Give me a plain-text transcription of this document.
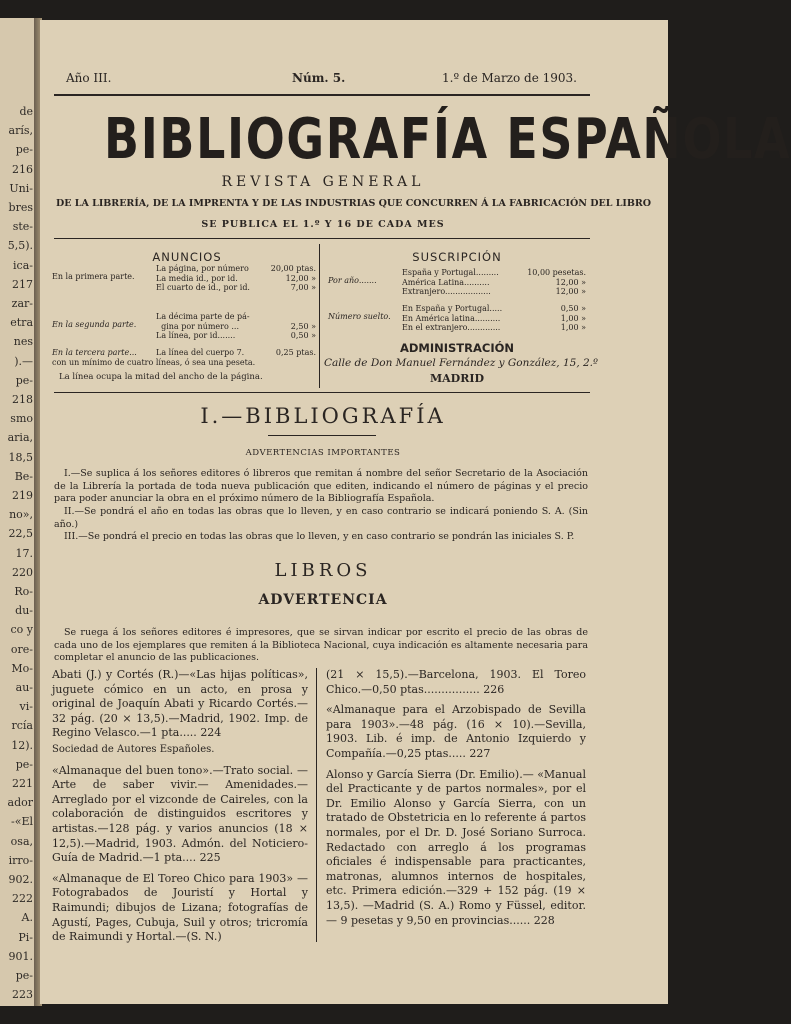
de
arís,
pe-
216
Uni-
bres
ste-
5,5).
ica-
217
zar-
etra
nes
).—
pe-
218
smo
aria,
18,5
Be-
219
no»,
22,5
17.
220
Ro-
du-
co y
ore-
Mo-
au-
vi-
rcía
12).
pe-
221
ador
-«El
osa,
irro-
902.
222
A.
Pi-
901.
pe-
223
Año III.	Núm. 5.	1.º de Marzo de 1903.
BIBLIOGRAFÍA ESPAÑOLA
REVISTA GENERAL
DE LA LIBRERÍA, DE LA IMPRENTA Y DE LAS INDUSTRIAS QUE CONCURREN Á LA FABRICACIÓN DEL LIBRO
SE PUBLICA EL 1.º Y 16 DE CADA MES
ANUNCIOS
En la primera parte.
La página, por número	20,00 ptas.
La media id., por id.	12,00 »
El cuarto de id., por id.	7,00 »
En la segunda parte.
La décima parte de pá-
gina por número ...	2,50 »
La línea, por id.......	0,50 »
En la tercera parte... La línea del cuerpo 7.	0,25 ptas.
con un mínimo de cuatro líneas, ó sea una peseta.
La línea ocupa la mitad del ancho de la página.
SUSCRIPCIÓN
Por año.......
España y Portugal.........	10,00 pesetas.
América Latina..........	12,00 »
Extranjero..................	12,00 »
Número suelto.
En España y Portugal.....	0,50 »
En América latina..........	1,00 »
En el extranjero.............	1,00 »
ADMINISTRACIÓN
Calle de Don Manuel Fernández y González, 15, 2.º
MADRID
I.—BIBLIOGRAFÍA
ADVERTENCIAS IMPORTANTES
I.—Se suplica á los señores editores ó libreros que remitan á nombre del señor Secretario de la Asociación de la Librería la portada de toda nueva publicación que editen, indicando el número de páginas y el precio para poder anunciar la obra en el próximo número de la Bibliografía Española.
II.—Se pondrá el año en todas las obras que lo lleven, y en caso contrario se indicará poniendo S. A. (Sin año.)
III.—Se pondrá el precio en todas las obras que lo lleven, y en caso contrario se pondrán las iniciales S. P.
LIBROS
ADVERTENCIA
Se ruega á los señores editores é impresores, que se sirvan indicar por escrito el precio de las obras de cada uno de los ejemplares que remiten á la Biblioteca Nacional, cuya indicación es altamente necesaria para completar el anuncio de las publicaciones.

Abati (J.) y Cortés (R.)—«Las hijas políticas», juguete cómico en un acto, en prosa y original de Joaquín Abati y Ricardo Cortés.—32 pág. (20 × 13,5).—Madrid, 1902. Imp. de Regino Velasco.—1 pta..... 224

Sociedad de Autores Españoles.

«Almanaque del buen tono».—Trato social. —Arte de saber vivir.— Amenidades.— Arreglado por el vizconde de Caireles, con la colaboración de distinguidos escritores y artistas.—128 pág. y varios anuncios (18 × 12,5).—Madrid, 1903. Admón. del Noticiero-Guía de Madrid.—1 pta.... 225

«Almanaque de El Toreo Chico para 1903» —Fotograbados de Jouristí y Hortal y Raimundi; dibujos de Lizana; fotografías de Agustí, Pages, Cubuja, Suil y otros; tricromía de Raimundi y Hortal.—(S. N.)

(21 × 15,5).—Barcelona, 1903. El Toreo Chico.—0,50 ptas................ 226

«Almanaque para el Arzobispado de Sevilla para 1903».—48 pág. (16 × 10).—Sevilla, 1903. Lib. é imp. de Antonio Izquierdo y Compañía.—0,25 ptas..... 227

Alonso y García Sierra (Dr. Emilio).— «Manual del Practicante y de partos normales», por el Dr. Emilio Alonso y García Sierra, con un tratado de Obstetricia en lo referente á partos normales, por el Dr. D. José Soriano Surroca. Redactado con arreglo á los programas oficiales é indispensable para practicantes, matronas, alumnos internos de hospitales, etc. Primera edición.—329 + 152 pág. (19 × 13,5). —Madrid (S. A.) Romo y Füssel, editor.— 9 pesetas y 9,50 en provincias...... 228
